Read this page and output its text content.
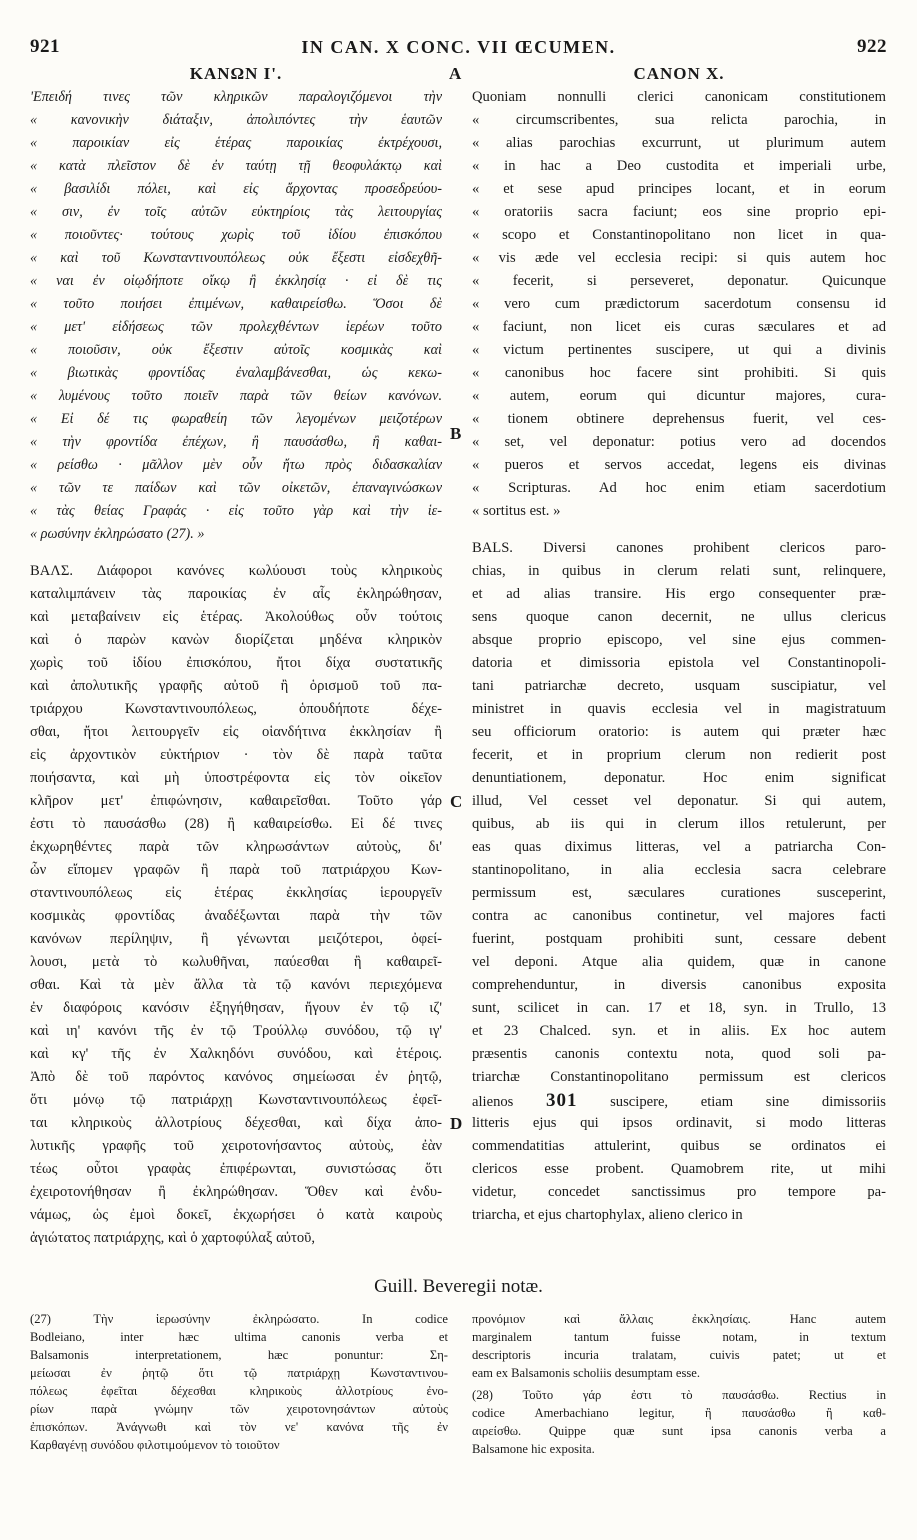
921	IN CAN. X CONC. VII ŒCUMEN.	922
A
B
C
D
ΚΑΝΩΝ Ι'.
'Επειδή τινες τῶν κληρικῶν παραλογιζόμενοι τὴν
« κανονικὴν διάταξιν, ἀπολιπόντες τὴν ἑαυτῶν
« παροικίαν εἰς ἑτέρας παροικίας ἐκτρέχουσι,
« κατὰ πλεῖστον δὲ ἐν ταύτῃ τῇ θεοφυλάκτῳ καὶ
« βασιλίδι πόλει, καὶ εἰς ἄρχοντας προσεδρεύου-
« σιν, ἐν τοῖς αὐτῶν εὐκτηρίοις τὰς λειτουργίας
« ποιοῦντες· τούτους χωρὶς τοῦ ἰδίου ἐπισκόπου
« καὶ τοῦ Κωνσταντινουπόλεως οὐκ ἔξεστι εἰσδεχθῆ-
« ναι ἐν οἱῳδήποτε οἴκῳ ἢ ἐκκλησίᾳ · εἰ δὲ τις
« τοῦτο ποιήσει ἐπιμένων, καθαιρείσθω. Ὅσοι δὲ
« μετ' εἰδήσεως τῶν προλεχθέντων ἱερέων τοῦτο
« ποιοῦσιν, οὐκ ἔξεστιν αὐτοῖς κοσμικὰς καὶ
« βιωτικὰς φροντίδας ἐναλαμβάνεσθαι, ὡς κεκω-
« λυμένους τοῦτο ποιεῖν παρὰ τῶν θείων κανόνων.
« Εἰ δέ τις φωραθείη τῶν λεγομένων μειζοτέρων
« τὴν φροντίδα ἐπέχων, ἢ παυσάσθω, ἢ καθαι-
« ρείσθω · μᾶλλον μὲν οὖν ἤτω πρὸς διδασκαλίαν
« τῶν τε παίδων καὶ τῶν οἰκετῶν, ἐπαναγινώσκων
« τὰς θείας Γραφάς · εἰς τοῦτο γὰρ καὶ τὴν ἱε-
« ρωσύνην ἐκληρώσατο (27). »
ΒΑΛΣ. Διάφοροι κανόνες κωλύουσι τοὺς κληρικοὺς
καταλιμπάνειν τὰς παροικίας ἐν αἷς ἐκληρώθησαν,
καὶ μεταβαίνειν εἰς ἑτέρας. Ἀκολούθως οὖν τούτοις
καὶ ὁ παρὼν κανὼν διορίζεται μηδένα κληρικὸν
χωρὶς τοῦ ἰδίου ἐπισκόπου, ἤτοι δίχα συστατικῆς
καὶ ἀπολυτικῆς γραφῆς αὐτοῦ ἢ ὁρισμοῦ τοῦ πα-
τριάρχου Κωνσταντινουπόλεως, ὁπουδήποτε δέχε-
σθαι, ἤτοι λειτουργεῖν εἰς οἱανδήτινα ἐκκλησίαν ἢ
εἰς ἀρχοντικὸν εὐκτήριον · τὸν δὲ παρὰ ταῦτα
ποιήσαντα, καὶ μὴ ὑποστρέφοντα εἰς τὸν οἰκεῖον
κλῆρον μετ' ἐπιφώνησιν, καθαιρεῖσθαι. Τοῦτο γάρ
ἐστι τὸ παυσάσθω (28) ἢ καθαιρείσθω. Εἰ δέ τινες
ἐκχωρηθέντες παρὰ τῶν κληρωσάντων αὐτοὺς, δι'
ὧν εἴπομεν γραφῶν ἢ παρὰ τοῦ πατριάρχου Κων-
σταντινουπόλεως εἰς ἑτέρας ἐκκλησίας ἱερουργεῖν
κοσμικὰς φροντίδας ἀναδέξωνται παρὰ τὴν τῶν
κανόνων περίληψιν, ἢ γένωνται μειζότεροι, ὀφεί-
λουσι, μετὰ τὸ κωλυθῆναι, παύεσθαι ἢ καθαιρεῖ-
σθαι. Καὶ τὰ μὲν ἄλλα τὰ τῷ κανόνι περιεχόμενα
ἐν διαφόροις κανόσιν ἐξηγήθησαν, ἤγουν ἐν τῷ ιζ'
καὶ ιη' κανόνι τῆς ἐν τῷ Τρούλλῳ συνόδου, τῷ ιγ'
καὶ κγ' τῆς ἐν Χαλκηδόνι συνόδου, καὶ ἑτέροις.
Ἀπὸ δὲ τοῦ παρόντος κανόνος σημείωσαι ἐν ῥητῷ,
ὅτι μόνῳ τῷ πατριάρχῃ Κωνσταντινουπόλεως ἐφεῖ-
ται κληρικοὺς ἀλλοτρίους δέχεσθαι, καὶ δίχα ἀπο-
λυτικῆς γραφῆς τοῦ χειροτονήσαντος αὐτοὺς, ἐὰν
τέως οὗτοι γραφὰς ἐπιφέρωνται, συνιστώσας ὅτι
ἐχειροτονήθησαν ἢ ἐκληρώθησαν. Ὅθεν καὶ ἐνδυ-
νάμως, ὡς ἐμοὶ δοκεῖ, ἐκχωρήσει ὁ κατὰ καιροὺς
ἁγιώτατος πατριάρχης, καὶ ὁ χαρτοφύλαξ αὐτοῦ,
CANON X.
Quoniam nonnulli clerici canonicam constitutionem
« circumscribentes, sua relicta parochia, in
« alias parochias excurrunt, ut plurimum autem
« in hac a Deo custodita et imperiali urbe,
« et sese apud principes locant, et in eorum
« oratoriis sacra faciunt; eos sine proprio epi-
« scopo et Constantinopolitano non licet in qua-
« vis æde vel ecclesia recipi: si quis autem hoc
« fecerit, si perseveret, deponatur. Quicunque
« vero cum prædictorum sacerdotum consensu id
« faciunt, non licet eis curas sæculares et ad
« victum pertinentes suscipere, ut qui a divinis
« canonibus hoc facere sint prohibiti. Si quis
« autem, eorum qui dicuntur majores, cura-
« tionem obtinere deprehensus fuerit, vel ces-
« set, vel deponatur: potius vero ad docendos
« pueros et servos accedat, legens eis divinas
« Scripturas. Ad hoc enim etiam sacerdotium
« sortitus est. »
BALS. Diversi canones prohibent clericos paro-
chias, in quibus in clerum relati sunt, relinquere,
et ad alias transire. His ergo consequenter præ-
sens quoque canon decernit, ne ullus clericus
absque proprio episcopo, vel sine ejus commen-
datoria et dimissoria epistola vel Constantinopoli-
tani patriarchæ decreto, usquam suscipiatur, vel
ministret in quavis ecclesia vel in magistratuum
seu officiorum oratorio: is autem qui præter hæc
fecerit, et in proprium clerum non redierit post
denuntiationem, deponatur. Hoc enim significat
illud, Vel cesset vel deponatur. Si qui autem,
quibus, ab iis qui in clerum illos retulerunt, per
eas quas diximus litteras, vel a patriarcha Con-
stantinopolitano, in alia ecclesia sacra celebrare
permissum est, sæculares curationes susceperint,
contra ac canonibus continetur, vel majores facti
fuerint, postquam prohibiti sunt, cessare debent
vel deponi. Atque alia quidem, quæ in canone
comprehenduntur, in diversis canonibus exposita
sunt, scilicet in can. 17 et 18, syn. in Trullo, 13
et 23 Chalced. syn. et in aliis. Ex hoc autem
præsentis canonis contextu nota, quod soli pa-
triarchæ Constantinopolitano permissum est clericos
alienos 301 suscipere, etiam sine dimissoriis
litteris ejus qui ipsos ordinavit, si modo litteras
commendatitias attulerint, quibus se ordinatos ei
clericos esse probent. Quamobrem rite, ut mihi
videtur, concedet sanctissimus pro tempore pa-
triarcha, et ejus chartophylax, alieno clerico in
Guill. Beveregii notæ.
(27) Τὴν ἱερωσύνην ἐκληρώσατο. In codice
Bodleiano, inter hæc ultima canonis verba et
Balsamonis interpretationem, hæc ponuntur: Ση-
μείωσαι ἐν ῥητῷ ὅτι τῷ πατριάρχῃ Κωνσταντινου-
πόλεως ἐφεῖται δέχεσθαι κληρικοὺς ἀλλοτρίους ἐνο-
ρίων παρὰ γνώμην τῶν χειροτονησάντων αὐτοὺς
ἐπισκόπων. Ἀνάγνωθι καὶ τὸν νε' κανόνα τῆς ἐν
Καρθαγένῃ συνόδου φιλοτιμούμενον τὸ τοιοῦτον
προνόμιον καὶ ἄλλαις ἐκκλησίαις. Hanc autem
marginalem tantum fuisse notam, in textum
descriptoris incuria tralatam, cuivis patet; ut et
eam ex Balsamonis scholiis desumptam esse.
(28) Τοῦτο γάρ ἐστι τὸ παυσάσθω. Rectius in
codice Amerbachiano legitur, ἢ παυσάσθω ἢ καθ-
αιρείσθω. Quippe quæ sunt ipsa canonis verba a
Balsamone hic exposita.
